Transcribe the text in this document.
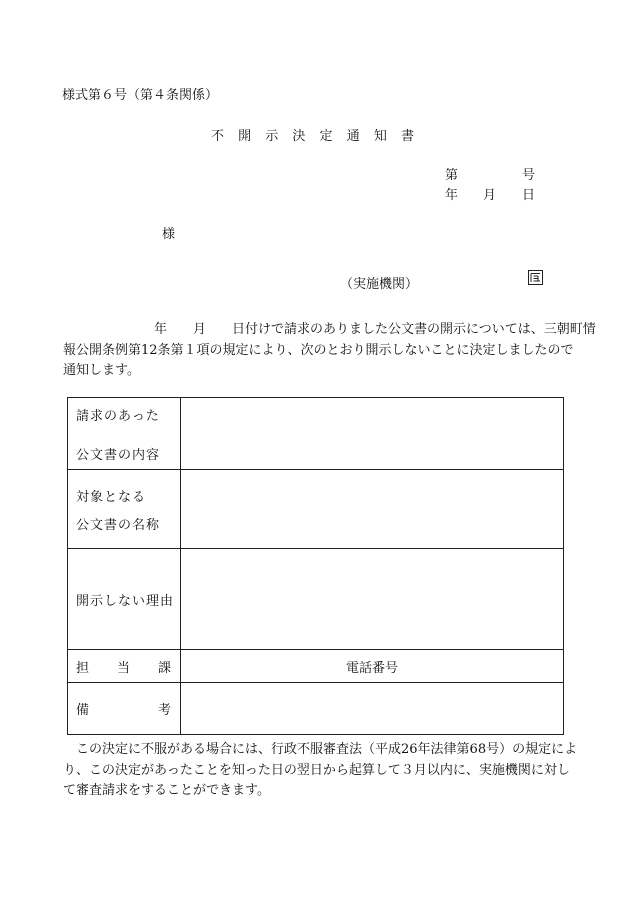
様式第６号（第４条関係）
不 開 示 決 定 通 知 書
第	号
年 月 日
様
（実施機関）
　　　　　　　年　　月　　日付けで請求のありました公文書の開示については、三朝町情
報公開条例第12条第１項の規定により、次のとおり開示しないことに決定しましたので
通知します。
請求のあった
公文書の内容	

対象となる
公文書の名称	

開示しない理由	

担 当 課	電話番号

備 考	

　この決定に不服がある場合には、行政不服審査法（平成26年法律第68号）の規定によ
り、この決定があったことを知った日の翌日から起算して３月以内に、実施機関に対し
て審査請求をすることができます。
